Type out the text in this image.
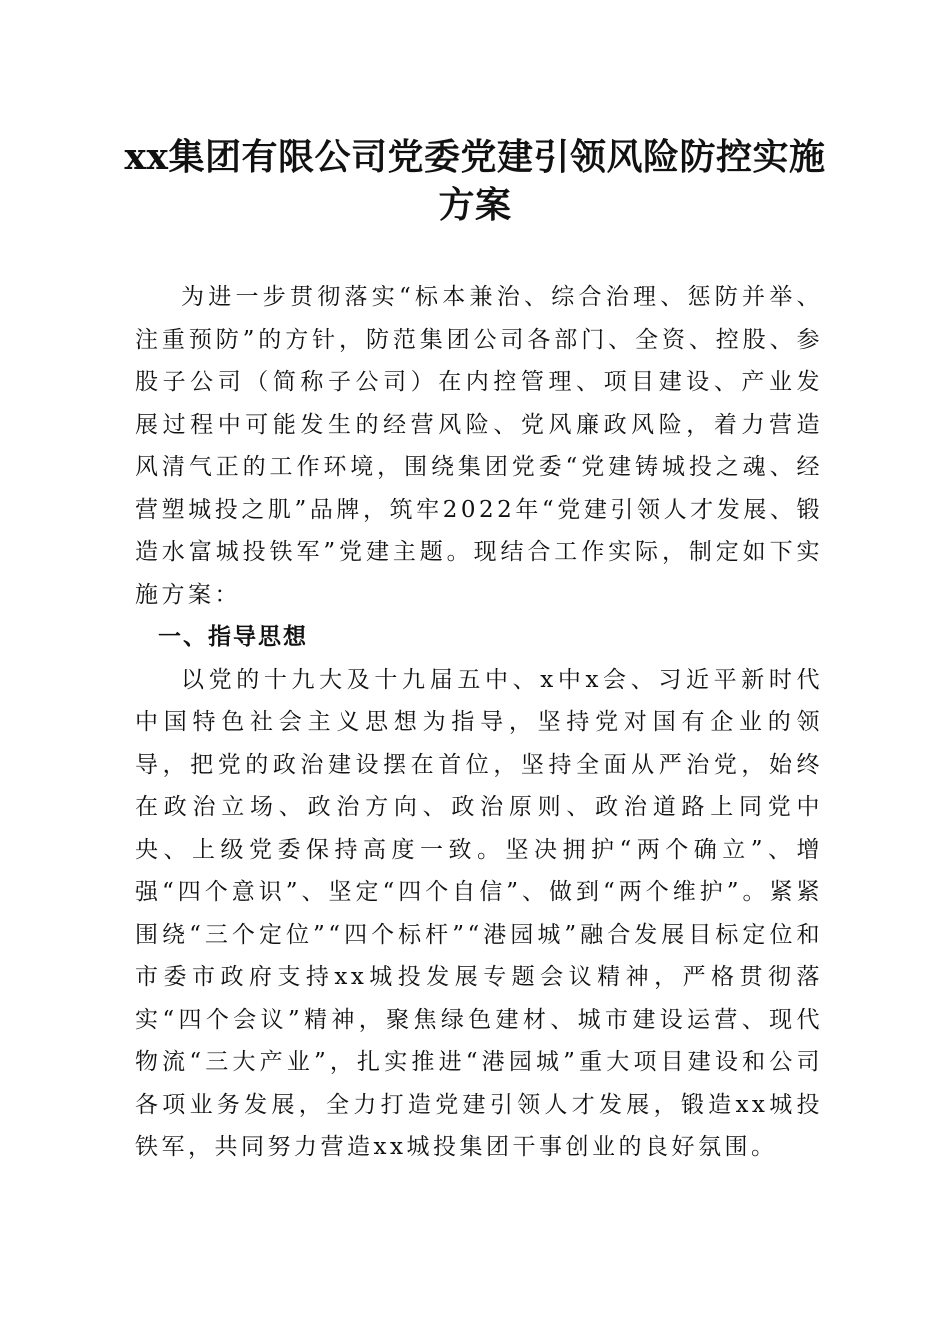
xx集团有限公司党委党建引领风险防控实施
方案

为进一步贯彻落实“标本兼治、综合治理、惩防并举、注重预防”的方针，防范集团公司各部门、全资、控股、参股子公司（简称子公司）在内控管理、项目建设、产业发展过程中可能发生的经营风险、党风廉政风险，着力营造风清气正的工作环境，围绕集团党委“党建铸城投之魂、经营塑城投之肌”品牌，筑牢2022年“党建引领人才发展、锻造水富城投铁军”党建主题。现结合工作实际，制定如下实施方案：

一、指导思想

以党的十九大及十九届五中、x中x会、习近平新时代中国特色社会主义思想为指导，坚持党对国有企业的领导，把党的政治建设摆在首位，坚持全面从严治党，始终在政治立场、政治方向、政治原则、政治道路上同党中央、上级党委保持高度一致。坚决拥护“两个确立”、增强“四个意识”、坚定“四个自信”、做到“两个维护”。紧紧围绕“三个定位”“四个标杆”“港园城”融合发展目标定位和市委市政府支持xx城投发展专题会议精神，严格贯彻落实“四个会议”精神，聚焦绿色建材、城市建设运营、现代物流“三大产业”，扎实推进“港园城”重大项目建设和公司各项业务发展，全力打造党建引领人才发展，锻造xx城投铁军，共同努力营造xx城投集团干事创业的良好氛围。
